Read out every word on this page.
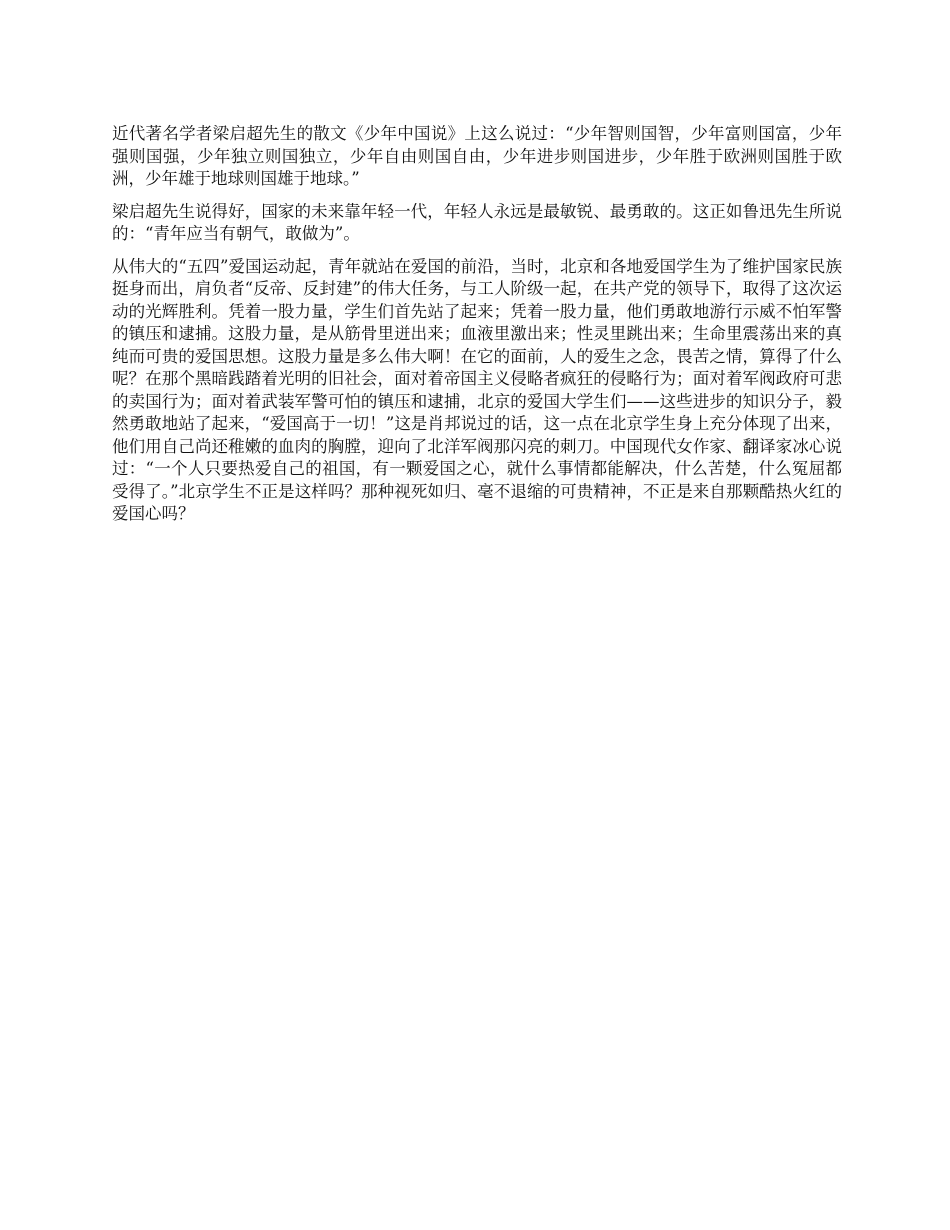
近代著名学者梁启超先生的散文《少年中国说》上这么说过：“少年智则国智，少年富则国富，少年强则国强，少年独立则国独立，少年自由则国自由，少年进步则国进步，少年胜于欧洲则国胜于欧洲，少年雄于地球则国雄于地球。”

梁启超先生说得好，国家的未来靠年轻一代，年轻人永远是最敏锐、最勇敢的。这正如鲁迅先生所说的：“青年应当有朝气，敢做为”。

从伟大的“五四”爱国运动起，青年就站在爱国的前沿，当时，北京和各地爱国学生为了维护国家民族挺身而出，肩负者“反帝、反封建”的伟大任务，与工人阶级一起，在共产党的领导下，取得了这次运动的光辉胜利。凭着一股力量，学生们首先站了起来；凭着一股力量，他们勇敢地游行示威不怕军警的镇压和逮捕。这股力量，是从筋骨里迸出来；血液里激出来；性灵里跳出来；生命里震荡出来的真纯而可贵的爱国思想。这股力量是多么伟大啊！在它的面前，人的爱生之念，畏苦之情，算得了什么呢？在那个黑暗践踏着光明的旧社会，面对着帝国主义侵略者疯狂的侵略行为；面对着军阀政府可悲的卖国行为；面对着武装军警可怕的镇压和逮捕，北京的爱国大学生们——这些进步的知识分子，毅然勇敢地站了起来，“爱国高于一切！”这是肖邦说过的话，这一点在北京学生身上充分体现了出来，他们用自己尚还稚嫩的血肉的胸膛，迎向了北洋军阀那闪亮的刺刀。中国现代女作家、翻译家冰心说过：“一个人只要热爱自己的祖国，有一颗爱国之心，就什么事情都能解决，什么苦楚，什么冤屈都受得了。”北京学生不正是这样吗？那种视死如归、毫不退缩的可贵精神，不正是来自那颗酷热火红的爱国心吗？
